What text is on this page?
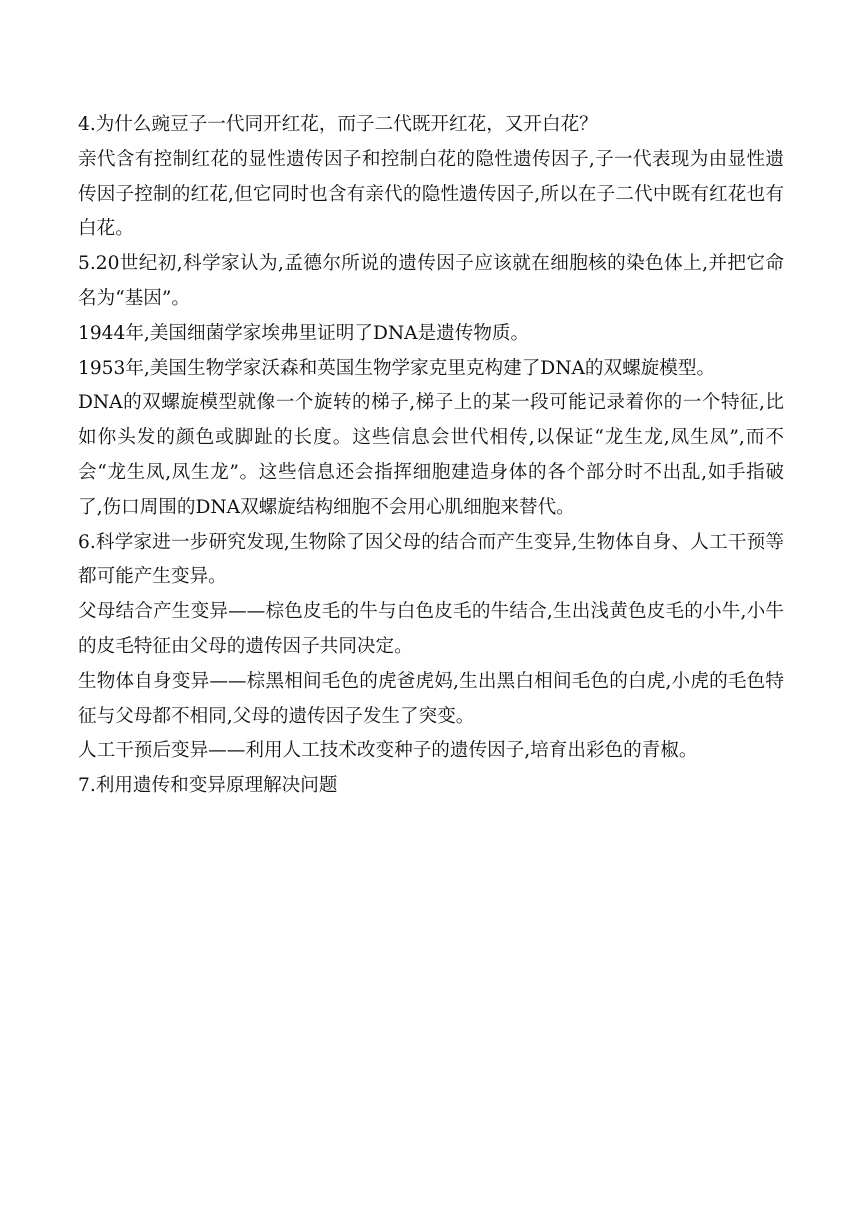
4.为什么豌豆子一代同开红花，而子二代既开红花，又开白花？

亲代含有控制红花的显性遗传因子和控制白花的隐性遗传因子,子一代表现为由显性遗传因子控制的红花,但它同时也含有亲代的隐性遗传因子,所以在子二代中既有红花也有白花。

5.20世纪初,科学家认为,孟德尔所说的遗传因子应该就在细胞核的染色体上,并把它命名为“基因”。

1944年,美国细菌学家埃弗里证明了DNA是遗传物质。

1953年,美国生物学家沃森和英国生物学家克里克构建了DNA的双螺旋模型。

DNA的双螺旋模型就像一个旋转的梯子,梯子上的某一段可能记录着你的一个特征,比如你头发的颜色或脚趾的长度。这些信息会世代相传,以保证“龙生龙,凤生凤”,而不会“龙生凤,凤生龙”。这些信息还会指挥细胞建造身体的各个部分时不出乱,如手指破了,伤口周围的DNA双螺旋结构细胞不会用心肌细胞来替代。

6.科学家进一步研究发现,生物除了因父母的结合而产生变异,生物体自身、人工干预等都可能产生变异。

父母结合产生变异——棕色皮毛的牛与白色皮毛的牛结合,生出浅黄色皮毛的小牛,小牛的皮毛特征由父母的遗传因子共同决定。

生物体自身变异——棕黑相间毛色的虎爸虎妈,生出黑白相间毛色的白虎,小虎的毛色特征与父母都不相同,父母的遗传因子发生了突变。

人工干预后变异——利用人工技术改变种子的遗传因子,培育出彩色的青椒。

7.利用遗传和变异原理解决问题
